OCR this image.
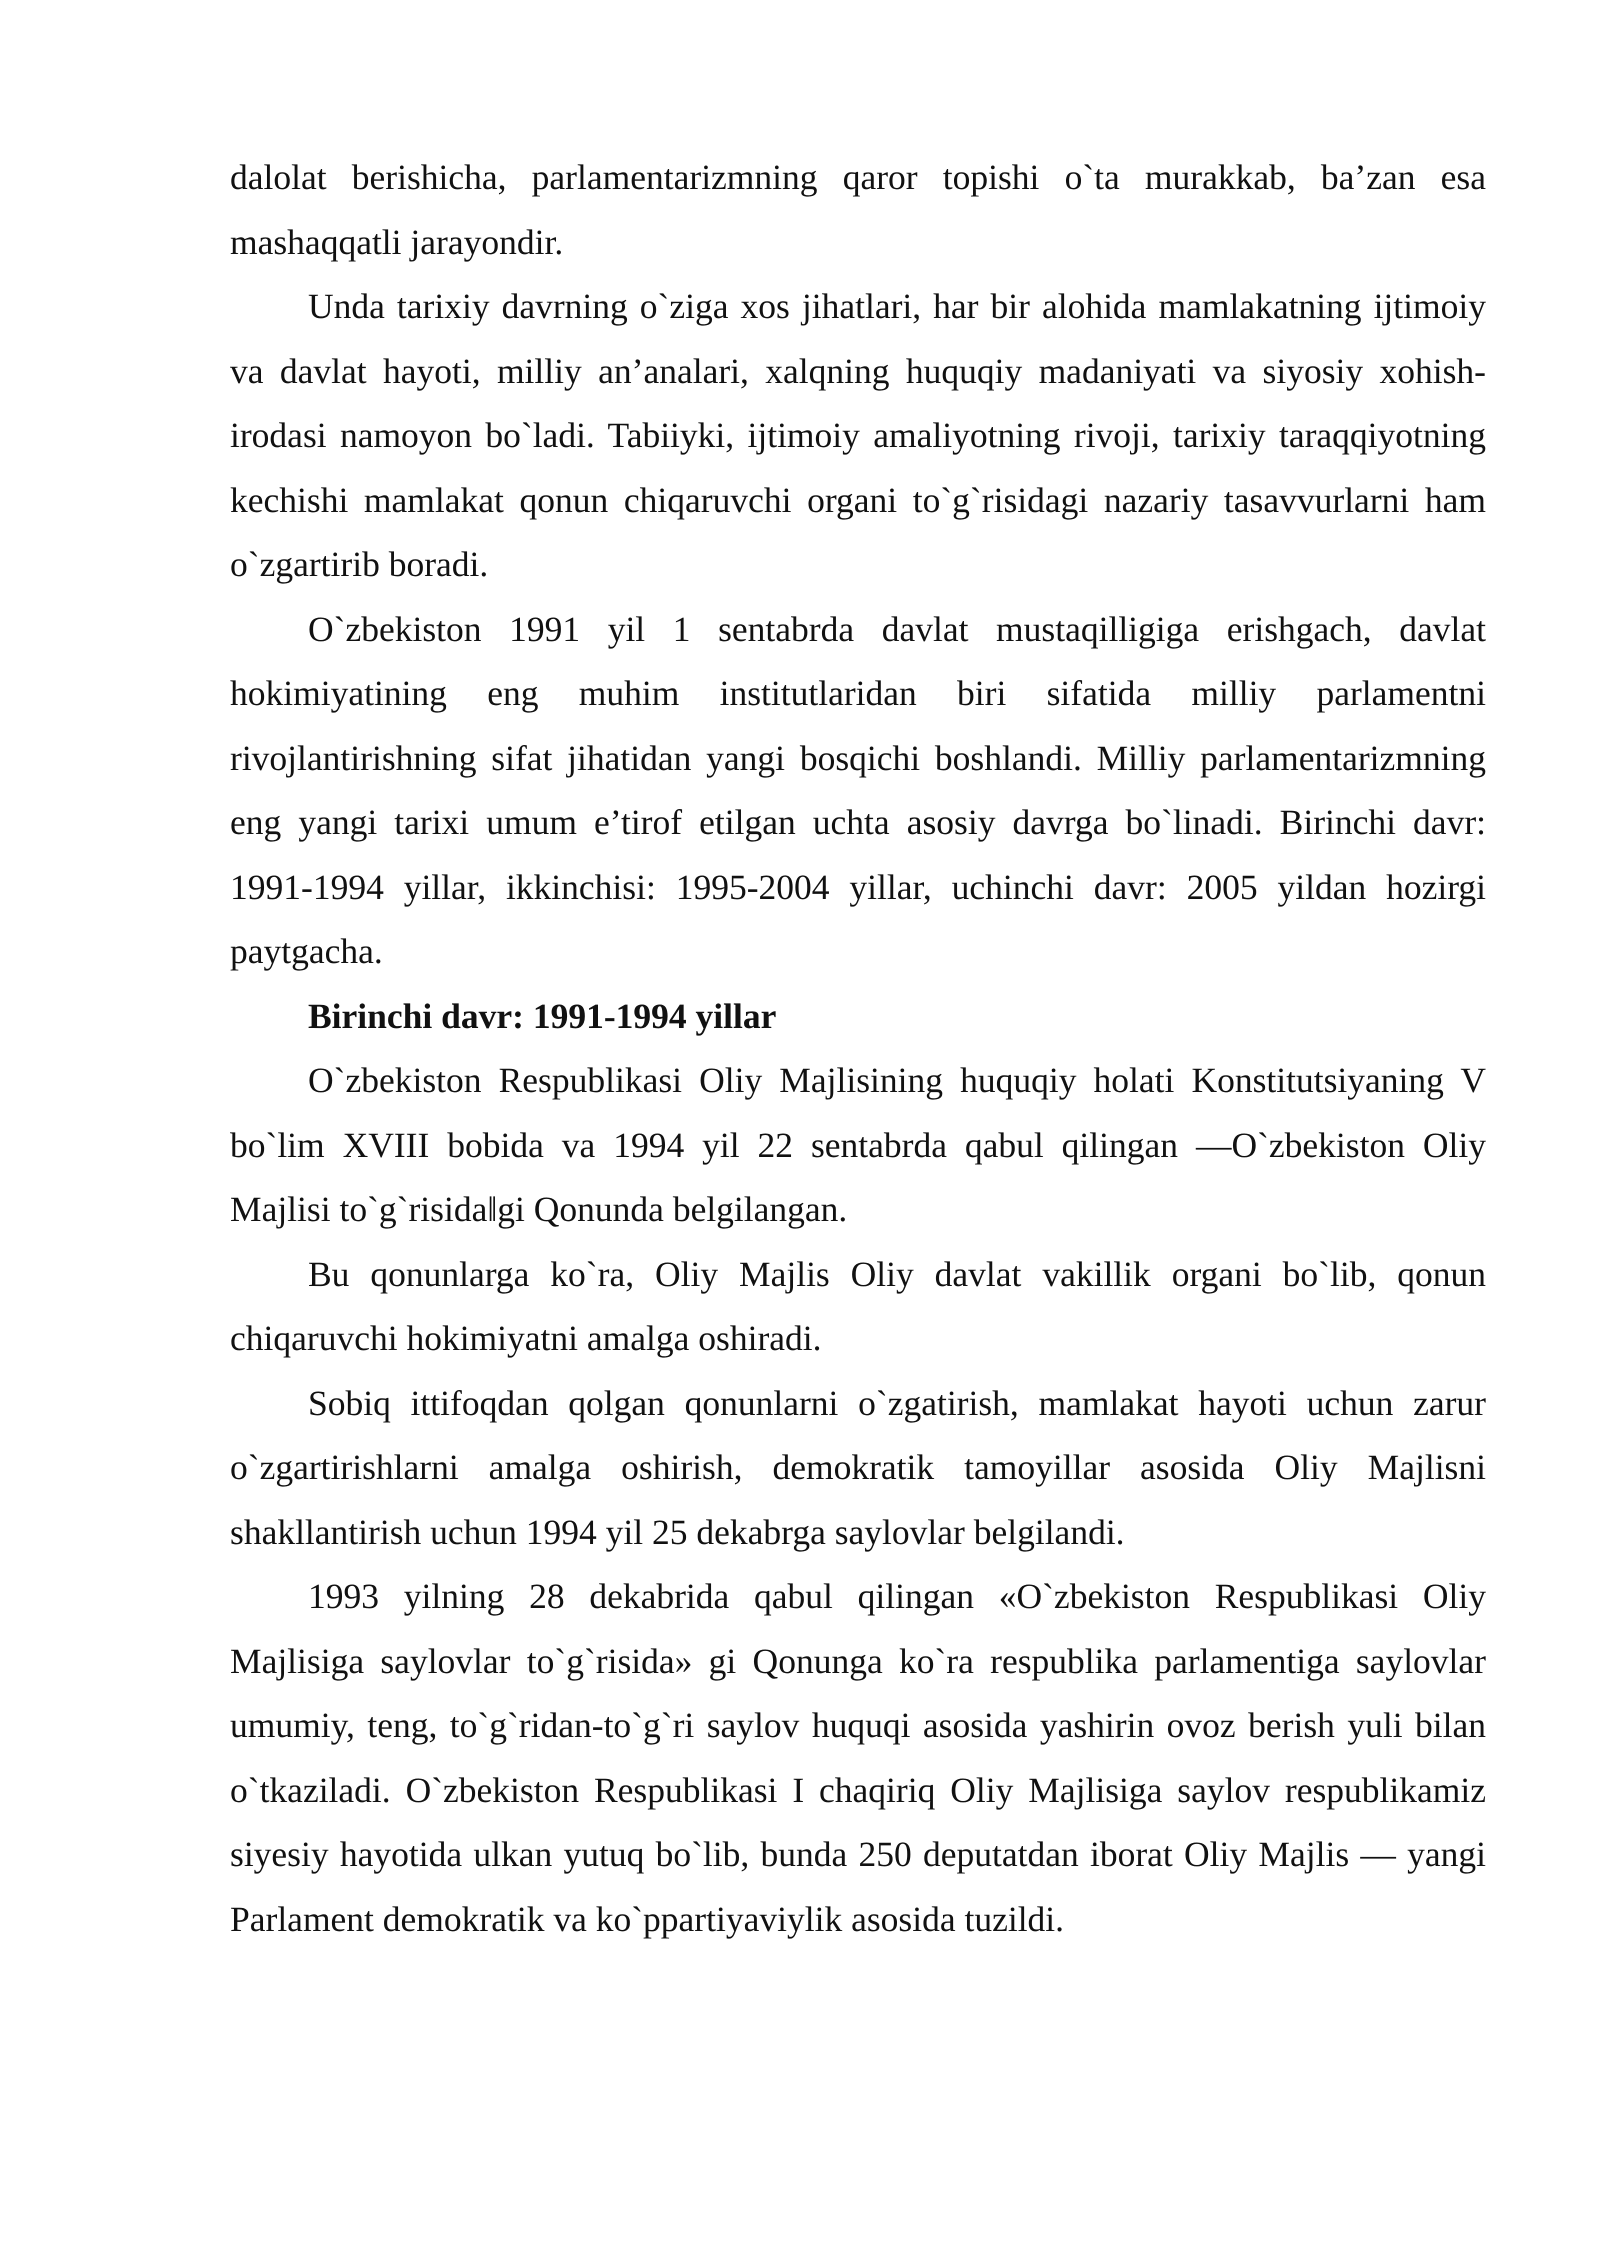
dalolat berishicha, parlamentarizmning qaror topishi o`ta murakkab, ba’zan esa mashaqqatli jarayondir.

Unda tarixiy davrning o`ziga xos jihatlari, har bir alohida mamlakatning ijtimoiy va davlat hayoti, milliy an’analari, xalqning huquqiy madaniyati va siyosiy xohish-irodasi namoyon bo`ladi. Tabiiyki, ijtimoiy amaliyotning rivoji, tarixiy taraqqiyotning kechishi mamlakat qonun chiqaruvchi organi to`g`risidagi nazariy tasavvurlarni ham o`zgartirib boradi.

O`zbekiston 1991 yil 1 sentabrda davlat mustaqilligiga erishgach, davlat hokimiyatining eng muhim institutlaridan biri sifatida milliy parlamentni rivojlantirishning sifat jihatidan yangi bosqichi boshlandi. Milliy parlamentarizmning eng yangi tarixi umum e’tirof etilgan uchta asosiy davrga bo`linadi. Birinchi davr: 1991-1994 yillar, ikkinchisi: 1995-2004 yillar, uchinchi davr: 2005 yildan hozirgi paytgacha.

Birinchi davr: 1991-1994 yillar

O`zbekiston Respublikasi Oliy Majlisining huquqiy holati Konstitutsiyaning V bo`lim XVIII bobida va 1994 yil 22 sentabrda qabul qilingan ―O`zbekiston Oliy Majlisi to`g`risida‖gi Qonunda belgilangan.

Bu qonunlarga ko`ra, Oliy Majlis Oliy davlat vakillik organi bo`lib, qonun chiqaruvchi hokimiyatni amalga oshiradi.

Sobiq ittifoqdan qolgan qonunlarni o`zgatirish, mamlakat hayoti uchun zarur o`zgartirishlarni amalga oshirish, demokratik tamoyillar asosida Oliy Majlisni shakllantirish uchun 1994 yil 25 dekabrga saylovlar belgilandi.

1993 yilning 28 dekabrida qabul qilingan «O`zbekiston Respublikasi Oliy Majlisiga saylovlar to`g`risida» gi Qonunga ko`ra respublika parlamentiga saylovlar umumiy, teng, to`g`ridan-to`g`ri saylov huquqi asosida yashirin ovoz berish yuli bilan o`tkaziladi. O`zbekiston Respublikasi I chaqiriq Oliy Majlisiga saylov respublikamiz siyesiy hayotida ulkan yutuq bo`lib, bunda 250 deputatdan iborat Oliy Majlis — yangi Parlament demokratik va ko`ppartiyaviylik asosida tuzildi.
